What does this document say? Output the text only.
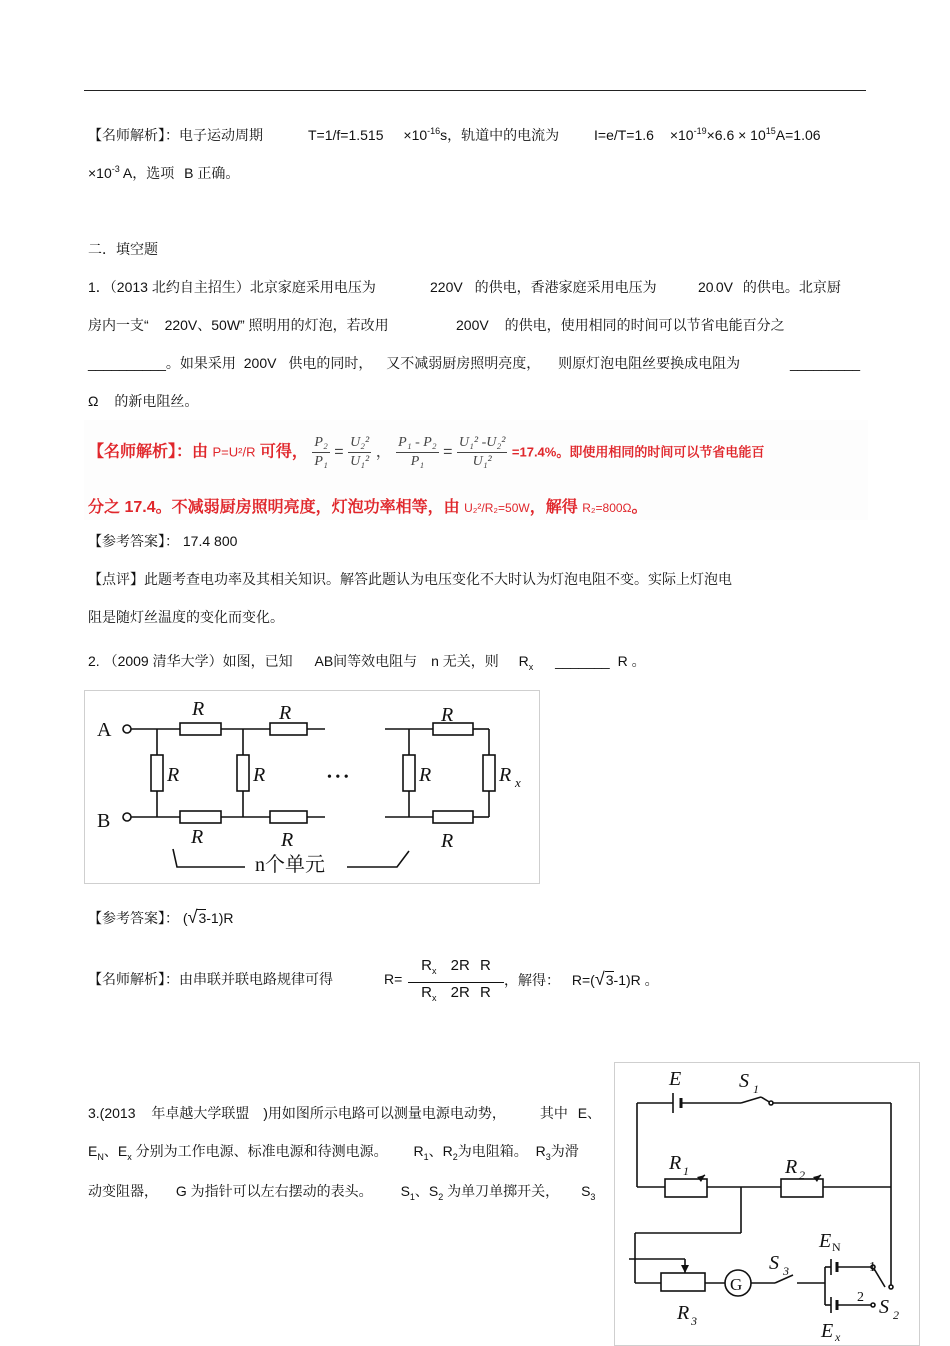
【名师解析】：电子运动周期	$T=1/f=1.515 \times 10^{-16}s$，轨道中的电流为 $I=e/T=1.6 \times 10^{-19}\times 6.6 \times 10^{15}A=1.06$
$\times 10^{-3}$ A，选项 B 正确。
二．填空题
1．（2013 北约自主招生）北京家庭采用电压为	220V 的供电，香港家庭采用电压为	20.0V 的供电。北京厨
房内一支“ 220V、50W” 照明用的灯泡，若改用	200V 的供电，使用相同的时间可以节省电能百分之
__________。如果采用 200V 供电的同时， 又不减弱厨房照明亮度， 则原灯泡电阻丝要换成电阻为	_________
Ω 的新电阻丝。
【名师解析】：由 P=U²/R 可得， $\frac{\text{P₂}}{\text{P₁}} = \frac{\text{U₂²}}{\text{U₁²}}$ ， $\frac{\text{P₁ - P₂}}{\text{P₁}} = \frac{\text{U₁² -U₂²}}{\text{U₁²}} =17.4\%$。即使用相同的时间可以节省电能百
分之 17.4。不减弱厨房照明亮度，灯泡功率相等，由 U₂²/R₂=50W，解得 R₂=800Ω。
【参考答案】： 17.4 800
【点评】此题考查电功率及其相关知识。解答此题认为电压变化不大时认为灯泡电阻不变。实际上灯泡电
阻是随灯丝温度的变化而变化。
2. （2009 清华大学）如图，已知 AB间等效电阻与 n 无关，则 $R_x$ _______ R 。
A
B
R	R	R
R	R	R	R x
R	R	R
• • •
n个单元
【参考答案】： (√3-1)R
【名师解析】：由串联并联电路规律可得	$R= \frac{R_x 2R R}{R_x 2R R}$ ，解得： R=(√3-1)R 。
3.(2013 年卓越大学联盟 )用如图所示电路可以测量电源电动势， 其中 E、
$E_N$、$E_x$ 分别为工作电源、标准电源和待测电源。 $R_1$、$R_2$为电阻箱。 $R_3$为滑
动变阻器， G 为指针可以左右摆动的表头。 $S_1$、$S_2$ 为单刀单掷开关， $S_3$
E	S 1
R 1	R 2
E N
G
S 3	1
2
R 3
S 2
E x
